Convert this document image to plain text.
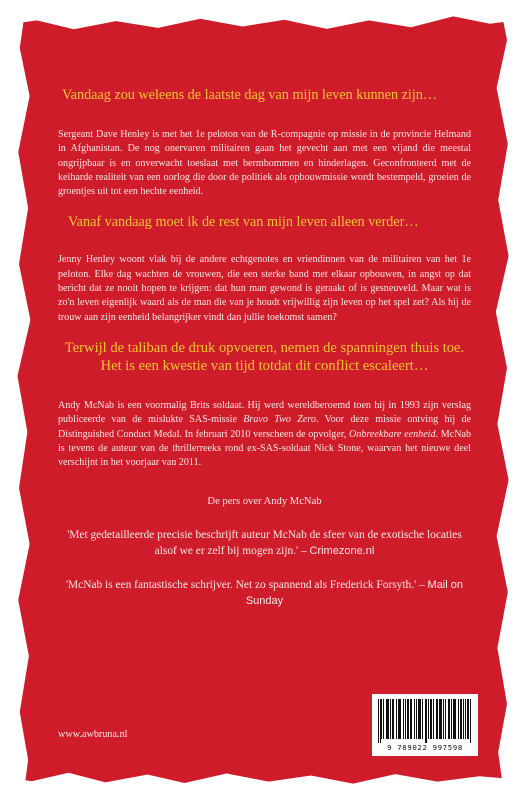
Vandaag zou weleens de laatste dag van mijn leven kunnen zijn…

Sergeant Dave Henley is met het 1e peloton van de R-compagnie op missie in de provincie Helmand in Afghanistan. De nog onervaren militairen gaan het gevecht aan met een vijand die meestal ongrijpbaar is en onverwacht toeslaat met bermbommen en hinderlagen. Geconfronteerd met de keiharde realiteit van een oorlog die door de politiek als opbouwmissie wordt bestempeld, groeien de groentjes uit tot een hechte eenheid.

Vanaf vandaag moet ik de rest van mijn leven alleen verder…

Jenny Henley woont vlak bij de andere echtgenotes en vriendinnen van de militairen van het 1e peloton. Elke dag wachten de vrouwen, die een sterke band met elkaar opbouwen, in angst op dat bericht dat ze nooit hopen te krijgen: dat hun man gewond is geraakt of is gesneuveld. Maar wat is zo'n leven eigenlijk waard als de man die van je houdt vrijwillig zijn leven op het spel zet? Als hij de trouw aan zijn eenheid belangrijker vindt dan jullie toekomst samen?

Terwijl de taliban de druk opvoeren, nemen de spanningen thuis toe. Het is een kwestie van tijd totdat dit conflict escaleert…

Andy McNab is een voormalig Brits soldaat. Hij werd wereldberoemd toen hij in 1993 zijn verslag publiceerde van de mislukte SAS-missie Bravo Two Zero. Voor deze missie ontving hij de Distinguished Conduct Medal. In februari 2010 verscheen de opvolger, Onbreekbare eenheid. McNab is tevens de auteur van de thrillerreeks rond ex-SAS-soldaat Nick Stone, waarvan het nieuwe deel verschijnt in het voorjaar van 2011.

De pers over Andy McNab

'Met gedetailleerde precisie beschrijft auteur McNab de sfeer van de exotische locaties alsof we er zelf bij mogen zijn.' – Crimezone.nl

'McNab is een fantastische schrijver. Net zo spannend als Frederick Forsyth.' – Mail on Sunday

www.awbruna.nl
9 789022 997598
